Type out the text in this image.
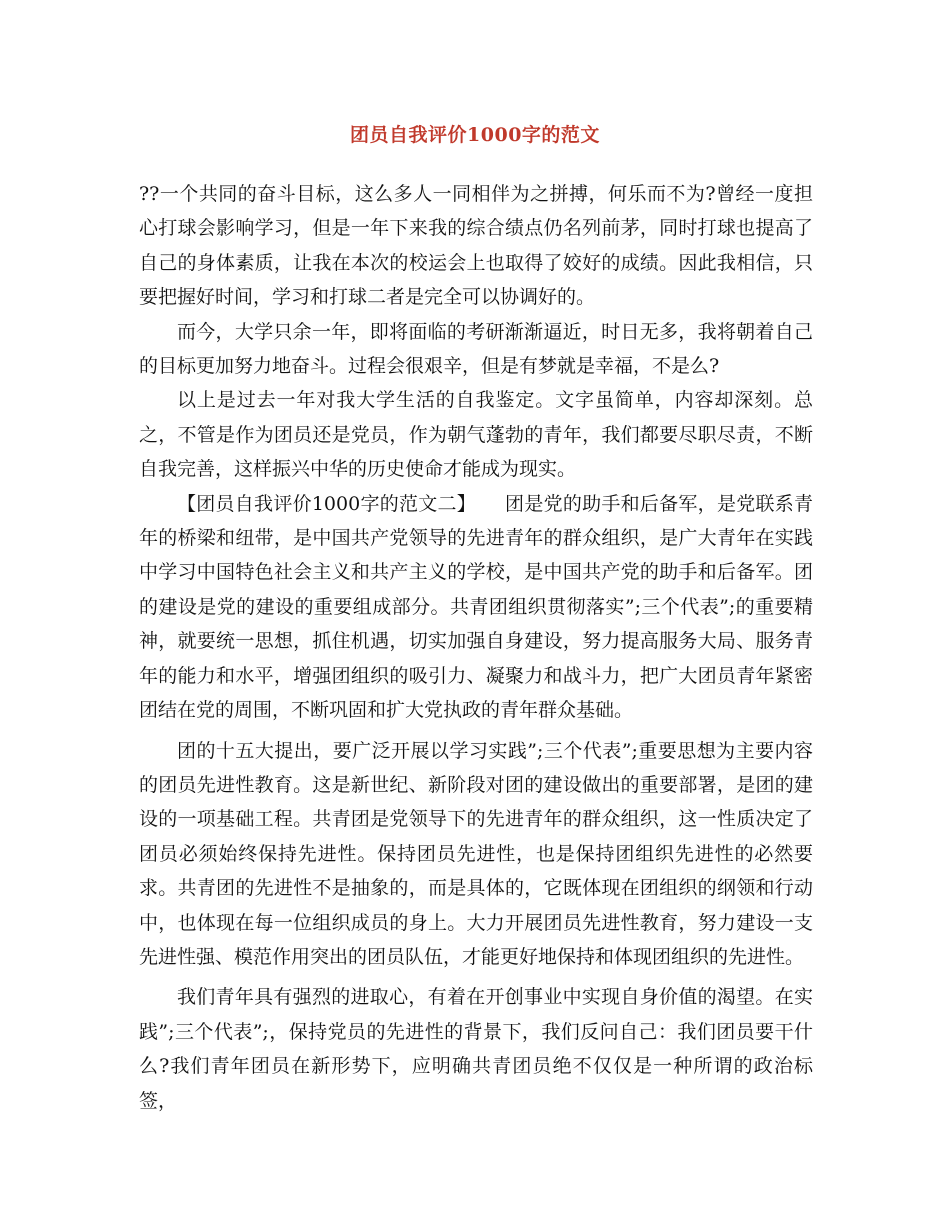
团员自我评价1000字的范文

??一个共同的奋斗目标，这么多人一同相伴为之拼搏，何乐而不为?曾经一度担心打球会影响学习，但是一年下来我的综合绩点仍名列前茅，同时打球也提高了自己的身体素质，让我在本次的校运会上也取得了姣好的成绩。因此我相信，只要把握好时间，学习和打球二者是完全可以协调好的。

而今，大学只余一年，即将面临的考研渐渐逼近，时日无多，我将朝着自己的目标更加努力地奋斗。过程会很艰辛，但是有梦就是幸福，不是么?

以上是过去一年对我大学生活的自我鉴定。文字虽简单，内容却深刻。总之，不管是作为团员还是党员，作为朝气蓬勃的青年，我们都要尽职尽责，不断自我完善，这样振兴中华的历史使命才能成为现实。

【团员自我评价1000字的范文二】　　团是党的助手和后备军，是党联系青年的桥梁和纽带，是中国共产党领导的先进青年的群众组织，是广大青年在实践中学习中国特色社会主义和共产主义的学校，是中国共产党的助手和后备军。团的建设是党的建设的重要组成部分。共青团组织贯彻落实”;三个代表”;的重要精神，就要统一思想，抓住机遇，切实加强自身建设，努力提高服务大局、服务青年的能力和水平，增强团组织的吸引力、凝聚力和战斗力，把广大团员青年紧密团结在党的周围，不断巩固和扩大党执政的青年群众基础。

团的十五大提出，要广泛开展以学习实践”;三个代表”;重要思想为主要内容的团员先进性教育。这是新世纪、新阶段对团的建设做出的重要部署，是团的建设的一项基础工程。共青团是党领导下的先进青年的群众组织，这一性质决定了团员必须始终保持先进性。保持团员先进性，也是保持团组织先进性的必然要求。共青团的先进性不是抽象的，而是具体的，它既体现在团组织的纲领和行动中，也体现在每一位组织成员的身上。大力开展团员先进性教育，努力建设一支先进性强、模范作用突出的团员队伍，才能更好地保持和体现团组织的先进性。

我们青年具有强烈的进取心，有着在开创事业中实现自身价值的渴望。在实践”;三个代表”;，保持党员的先进性的背景下，我们反问自己：我们团员要干什么?我们青年团员在新形势下，应明确共青团员绝不仅仅是一种所谓的政治标签，
